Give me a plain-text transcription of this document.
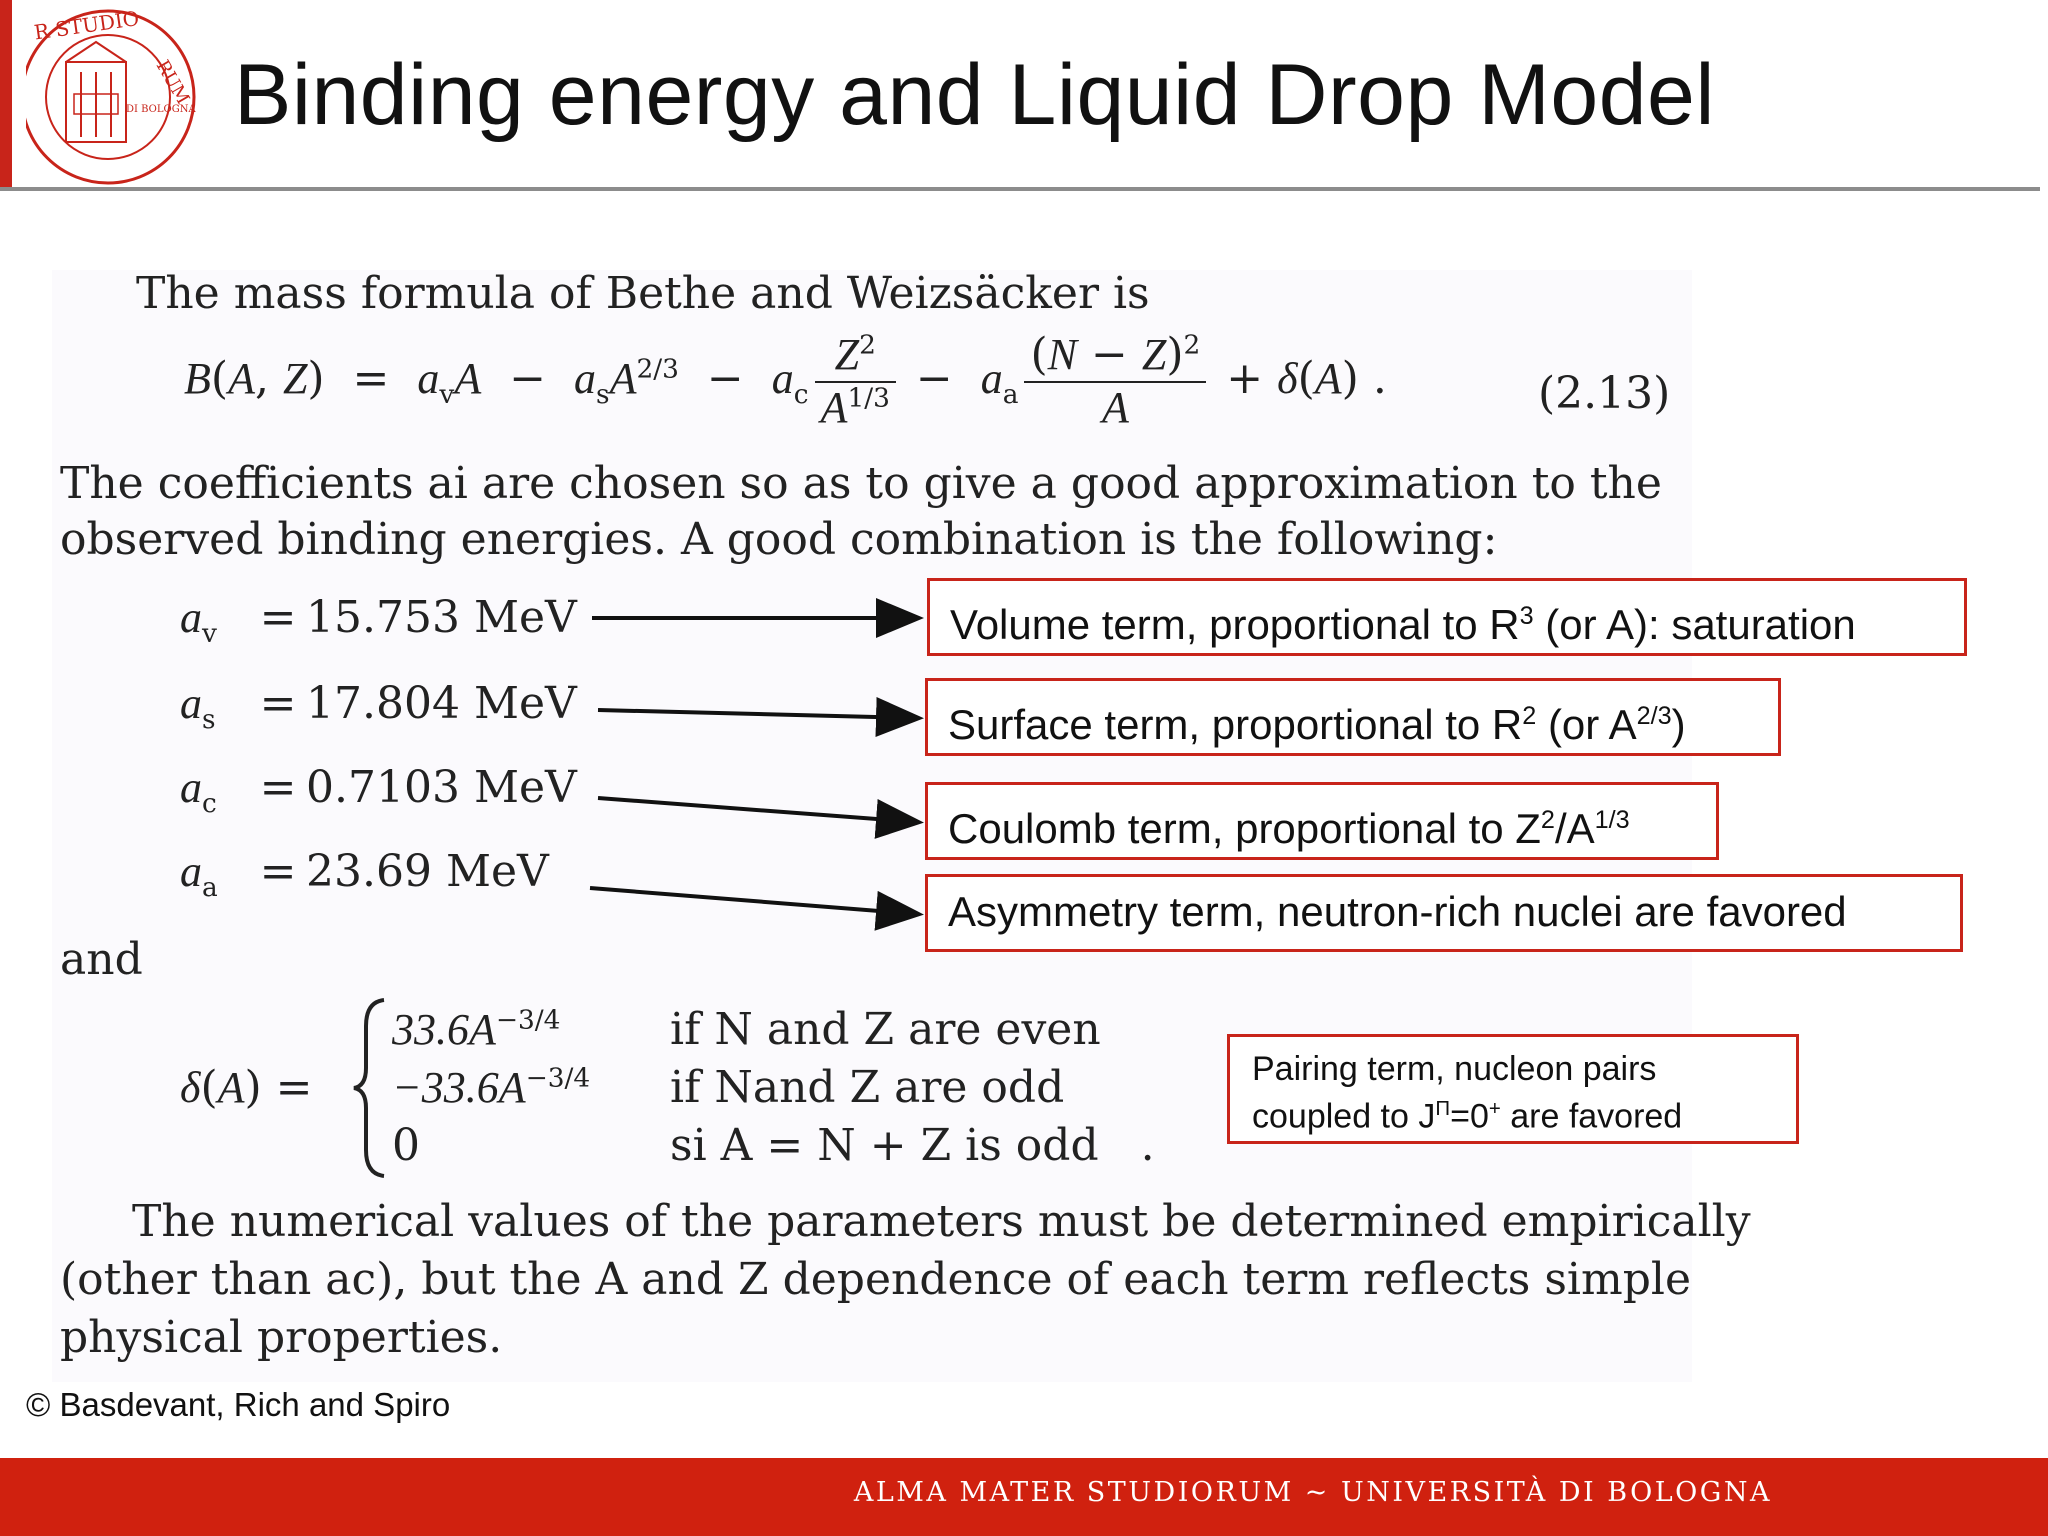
R STUDIO
RUM
DI BOLOGNA Binding energy and Liquid Drop Model
The mass formula of Bethe and Weizsäcker is
B(A, $Z) = a_vA - a_sA^{2/3} - a_c \frac{Z^2}{A^{1/3}} - a_a \frac{(N - Z)^2}{A} + \delta(A)$ .	(2.13)
The coefficients ai are chosen so as to give a good approximation to the
observed binding energies. A good combination is the following:
$a_v = 15.753$ MeV
$a_s = 17.804$ MeV
$a_c = 0.7103$ MeV
$a_a = 23.69$ MeV
Volume term, proportional to $R^3$ (or A): saturation
Surface term, proportional to $R^2$ (or $A^{2/3}$)
Coulomb term, proportional to $Z^2/A^{1/3}$
Asymmetry term, neutron-rich nuclei are favored
and
δ(A) =
$33.6A^{-3/4}$ if N and Z are even
$-33.6A^{-3/4}$ if Nand Z are odd
0	si A = N + Z is odd   .
Pairing term, nucleon pairs coupled to $J^\Pi=0^+$ are favored
The numerical values of the parameters must be determined empirically
(other than ac), but the A and Z dependence of each term reflects simple
physical properties.
© Basdevant, Rich and Spiro
ALMA MATER STUDIORUM ~ UNIVERSITÀ DI BOLOGNA
